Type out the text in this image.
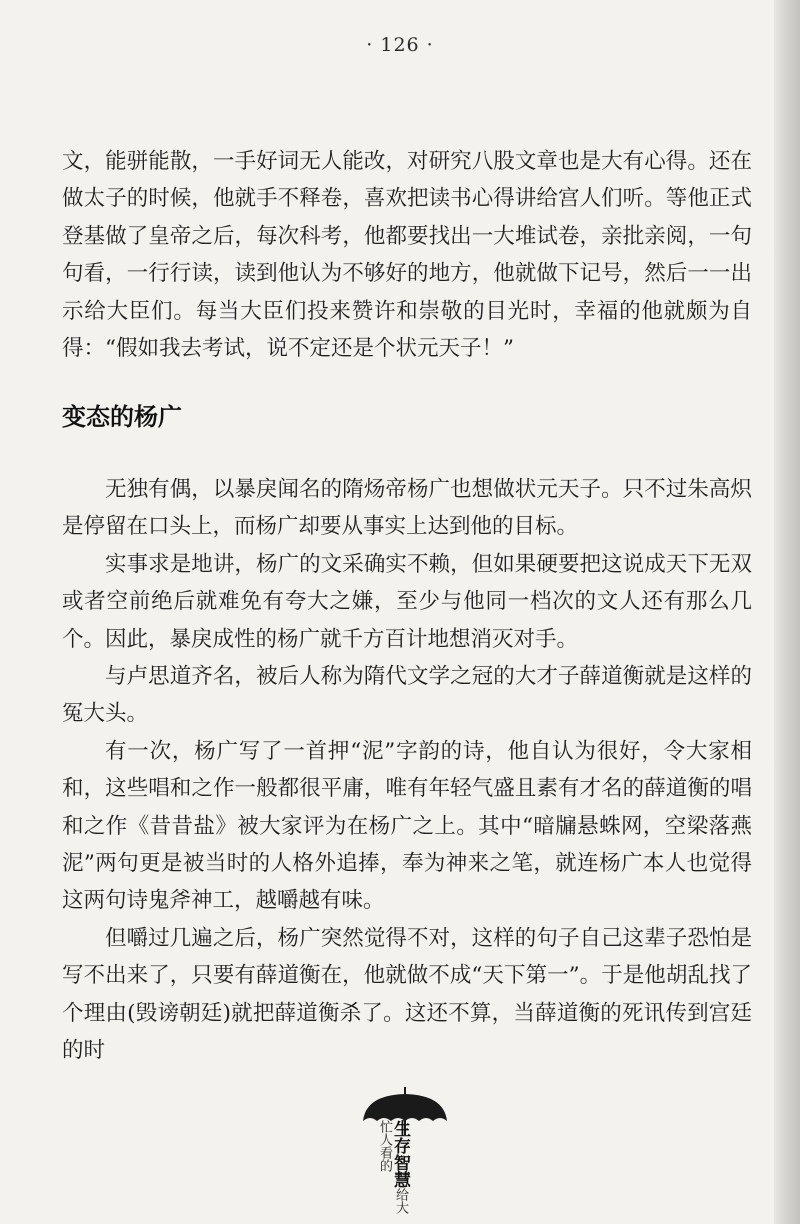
· 126 ·

文，能骈能散，一手好词无人能改，对研究八股文章也是大有心得。还在做太子的时候，他就手不释卷，喜欢把读书心得讲给宫人们听。等他正式登基做了皇帝之后，每次科考，他都要找出一大堆试卷，亲批亲阅，一句句看，一行行读，读到他认为不够好的地方，他就做下记号，然后一一出示给大臣们。每当大臣们投来赞许和崇敬的目光时，幸福的他就颇为自得：“假如我去考试，说不定还是个状元天子！”

变态的杨广

无独有偶，以暴戾闻名的隋炀帝杨广也想做状元天子。只不过朱高炽是停留在口头上，而杨广却要从事实上达到他的目标。

实事求是地讲，杨广的文采确实不赖，但如果硬要把这说成天下无双或者空前绝后就难免有夸大之嫌，至少与他同一档次的文人还有那么几个。因此，暴戾成性的杨广就千方百计地想消灭对手。

与卢思道齐名，被后人称为隋代文学之冠的大才子薛道衡就是这样的冤大头。

有一次，杨广写了一首押“泥”字韵的诗，他自认为很好，令大家相和，这些唱和之作一般都很平庸，唯有年轻气盛且素有才名的薛道衡的唱和之作《昔昔盐》被大家评为在杨广之上。其中“暗牖悬蛛网，空梁落燕泥”两句更是被当时的人格外追捧，奉为神来之笔，就连杨广本人也觉得这两句诗鬼斧神工，越嚼越有味。

但嚼过几遍之后，杨广突然觉得不对，这样的句子自己这辈子恐怕是写不出来了，只要有薛道衡在，他就做不成“天下第一”。于是他胡乱找了个理由(毁谤朝廷)就把薛道衡杀了。这还不算，当薛道衡的死讯传到宫廷的时

生存智慧给大忙人看的
